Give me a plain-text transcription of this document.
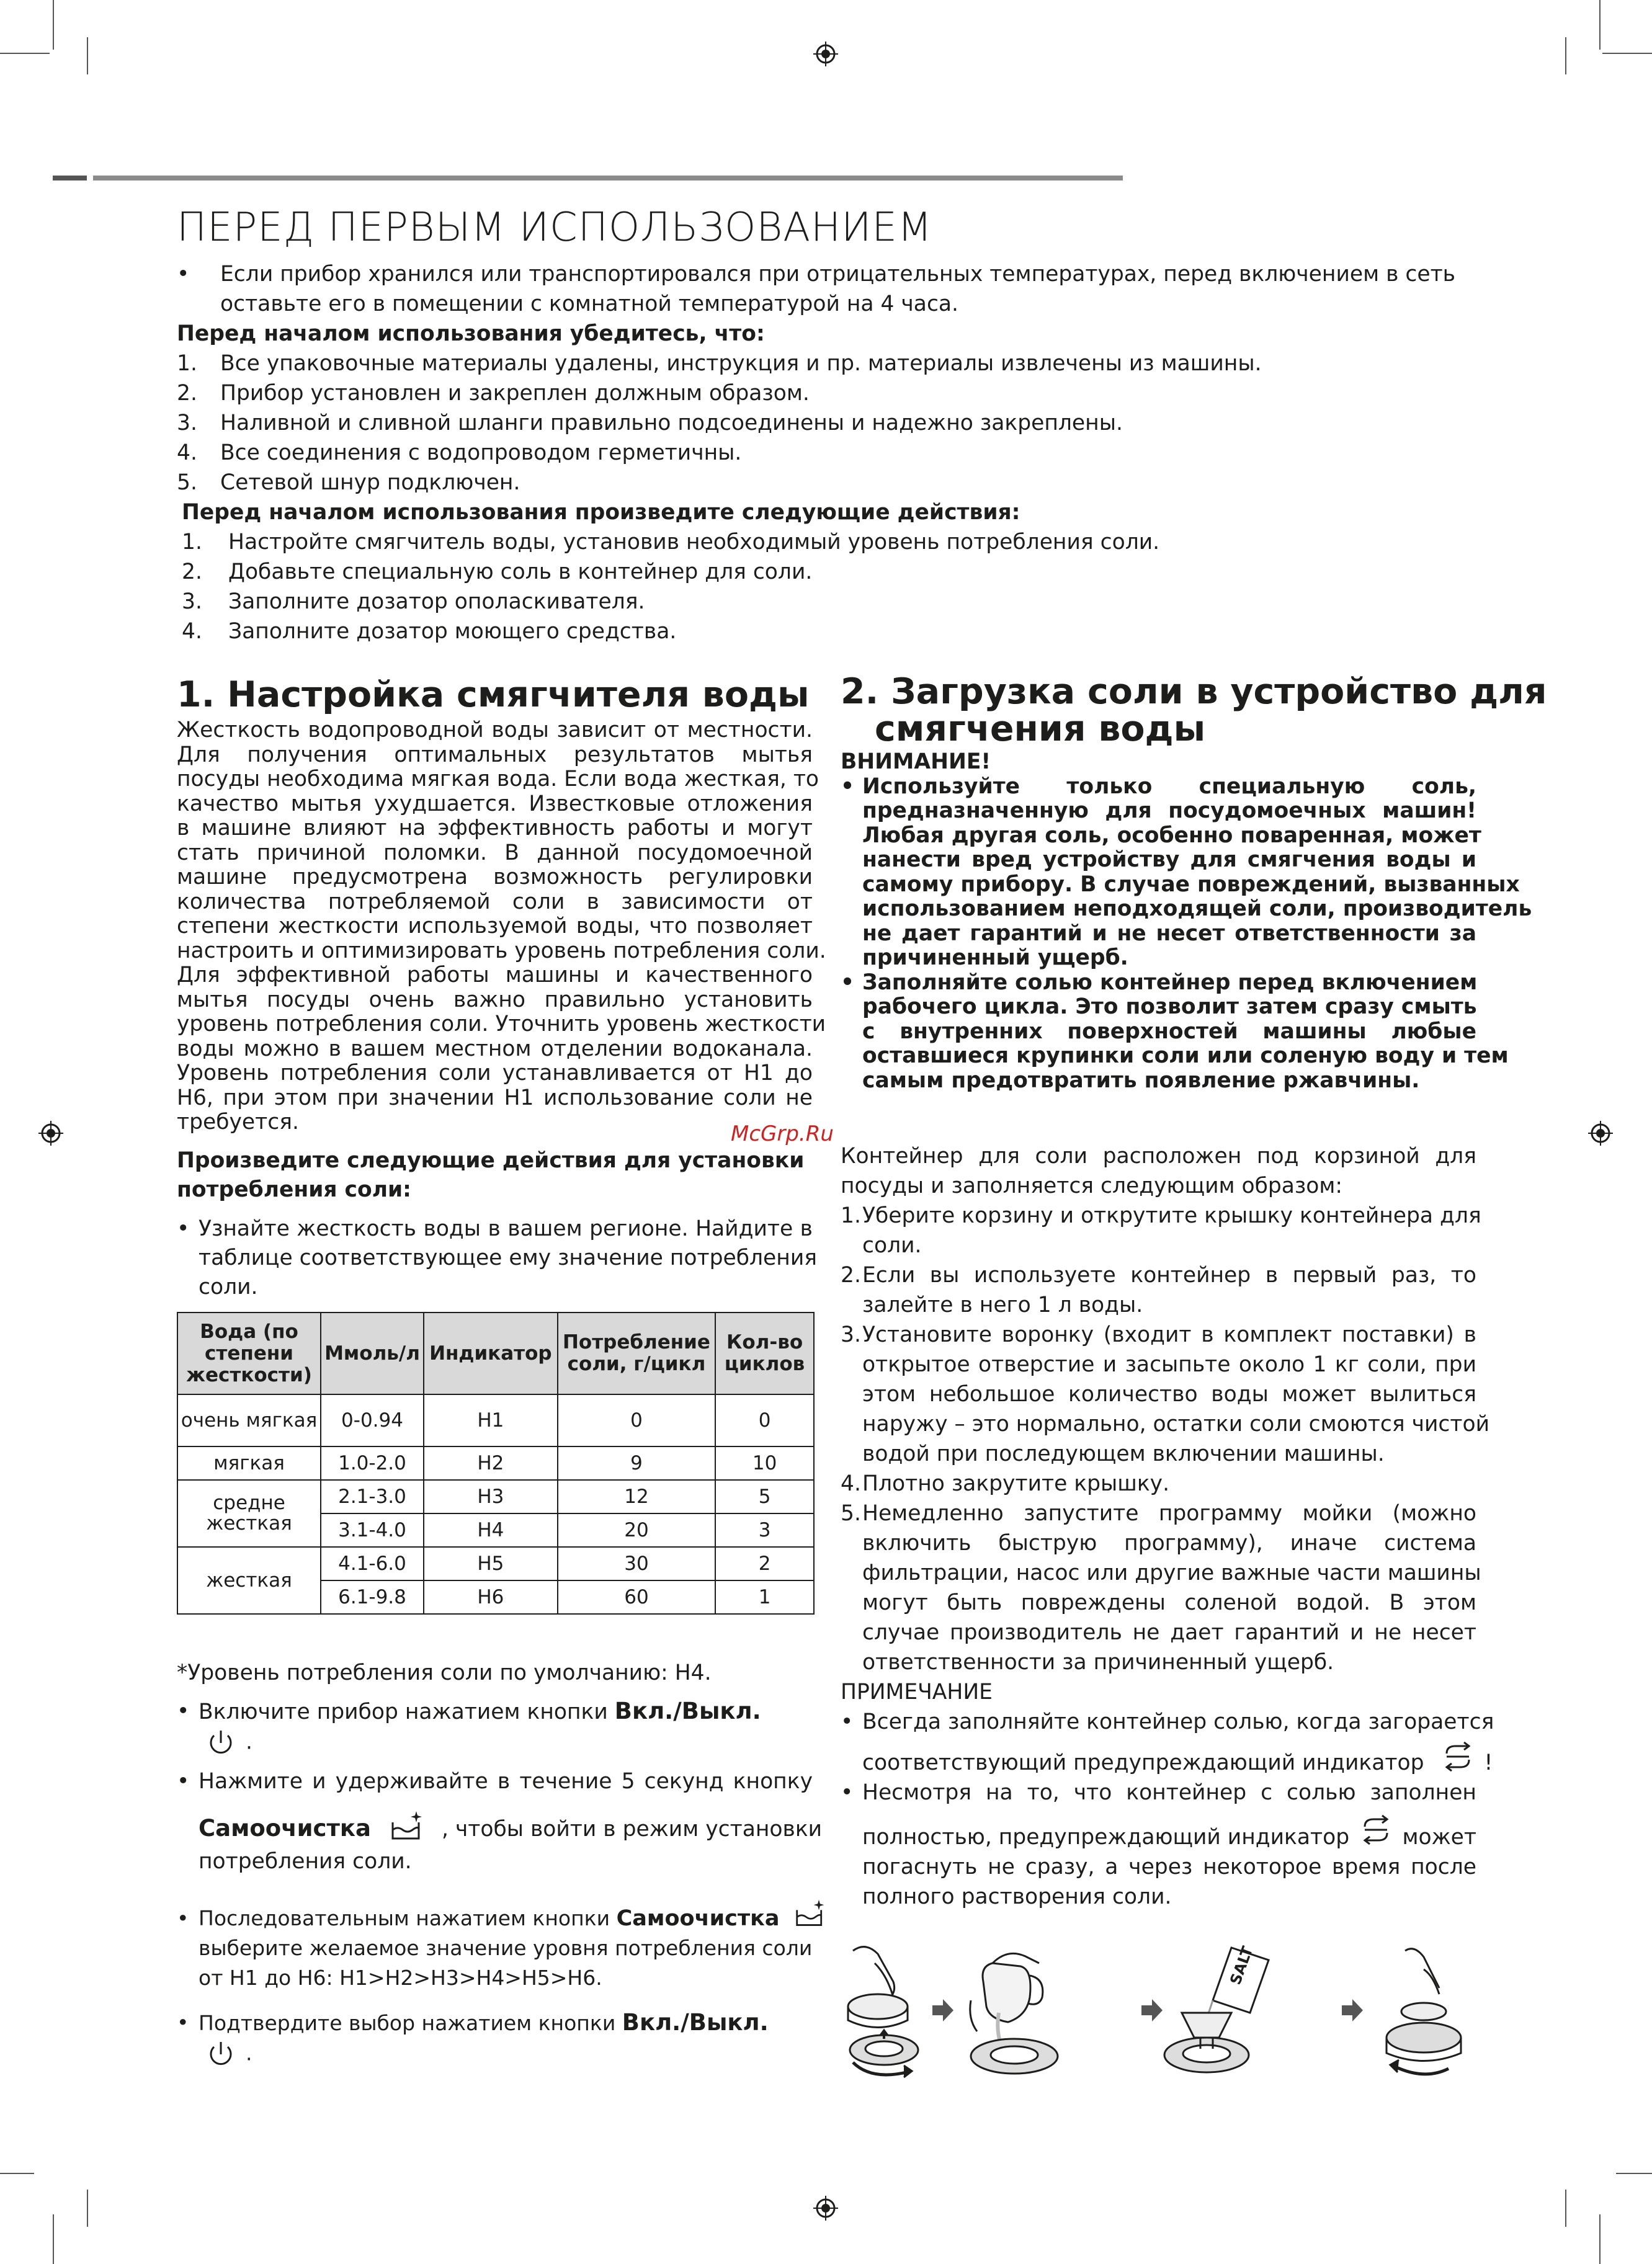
ПЕРЕД ПЕРВЫМ ИСПОЛЬЗОВАНИЕМ
• Если прибор хранился или транспортировался при отрицательных температурах, перед включением в сеть
оставьте его в помещении с комнатной температурой на 4 часа.
Перед началом использования убедитесь, что:
1. Все упаковочные материалы удалены, инструкция и пр. материалы извлечены из машины.
2. Прибор установлен и закреплен должным образом.
3. Наливной и сливной шланги правильно подсоединены и надежно закреплены.
4. Все соединения с водопроводом герметичны.
5. Сетевой шнур подключен.
Перед началом использования произведите следующие действия:
1. Настройте смягчитель воды, установив необходимый уровень потребления соли.
2. Добавьте специальную соль в контейнер для соли.
3. Заполните дозатор ополаскивателя.
4. Заполните дозатор моющего средства.
1. Настройка смягчителя воды
Жесткость водопроводной воды зависит от местности.
Для получения оптимальных результатов мытья
посуды необходима мягкая вода. Если вода жесткая, то
качество мытья ухудшается. Известковые отложения
в машине влияют на эффективность работы и могут
стать причиной поломки. В данной посудомоечной
машине предусмотрена возможность регулировки
количества потребляемой соли в зависимости от
степени жесткости используемой воды, что позволяет
настроить и оптимизировать уровень потребления соли.
Для эффективной работы машины и качественного
мытья посуды очень важно правильно установить
уровень потребления соли. Уточнить уровень жесткости
воды можно в вашем местном отделении водоканала.
Уровень потребления соли устанавливается от Н1 до
Н6, при этом при значении Н1 использование соли не
требуется.
Произведите следующие действия для установки
потребления соли:
• Узнайте жесткость воды в вашем регионе. Найдите в
таблице соответствующее ему значение потребления
соли.
Вода (по степени жесткости)	Ммоль/л	Индикатор	Потребление соли, г/цикл	Кол-во циклов
очень мягкая	0-0.94	H1	0	0
мягкая	1.0-2.0	H2	9	10
средне жесткая	2.1-3.0	H3	12	5
	3.1-4.0	H4	20	3
жесткая	4.1-6.0	H5	30	2
	6.1-9.8	H6	60	1
*Уровень потребления соли по умолчанию: Н4.
• Включите прибор нажатием кнопки Вкл./Выкл. .
• Нажмите и удерживайте в течение 5 секунд кнопку
Самоочистка	, чтобы войти в режим установки
потребления соли.
• Последовательным нажатием кнопки Самоочистка
выберите желаемое значение уровня потребления соли
от Н1 до Н6: Н1>Н2>Н3>Н4>Н5>Н6.
• Подтвердите выбор нажатием кнопки Вкл./Выкл. .
2. Загрузка соли в устройство для
смягчения воды
ВНИМАНИЕ!
• Используйте только специальную соль,
предназначенную для посудомоечных машин!
Любая другая соль, особенно поваренная, может
нанести вред устройству для смягчения воды и
самому прибору. В случае повреждений, вызванных
использованием неподходящей соли, производитель
не дает гарантий и не несет ответственности за
причиненный ущерб.
• Заполняйте солью контейнер перед включением
рабочего цикла. Это позволит затем сразу смыть
с внутренних поверхностей машины любые
оставшиеся крупинки соли или соленую воду и тем
самым предотвратить появление ржавчины.
McGrp.Ru
Контейнер для соли расположен под корзиной для
посуды и заполняется следующим образом:
1. Уберите корзину и открутите крышку контейнера для
соли.
2. Если вы используете контейнер в первый раз, то
залейте в него 1 л воды.
3. Установите воронку (входит в комплект поставки) в
открытое отверстие и засыпьте около 1 кг соли, при
этом небольшое количество воды может вылиться
наружу – это нормально, остатки соли смоются чистой
водой при последующем включении машины.
4. Плотно закрутите крышку.
5. Немедленно запустите программу мойки (можно
включить быструю программу), иначе система
фильтрации, насос или другие важные части машины
могут быть повреждены соленой водой. В этом
случае производитель не дает гарантий и не несет
ответственности за причиненный ущерб.
ПРИМЕЧАНИЕ
• Всегда заполняйте контейнер солью, когда загорается
соответствующий предупреждающий индикатор	!
• Несмотря на то, что контейнер с солью заполнен
полностью, предупреждающий индикатор может
погаснуть не сразу, а через некоторое время после
полного растворения соли.
SALT
